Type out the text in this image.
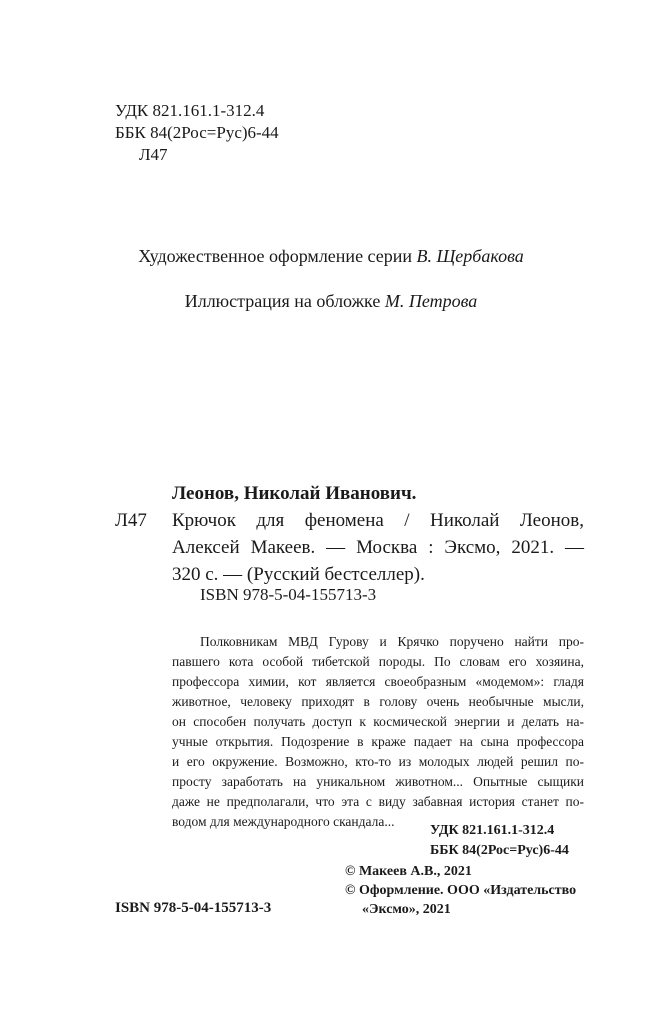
УДК 821.161.1-312.4
ББК 84(2Рос=Рус)6-44
Л47
Художественное оформление серии В. Щербакова
Иллюстрация на обложке М. Петрова
Леонов, Николай Иванович.
Л47 Крючок для феномена / Николай Леонов,
Алексей Макеев. — Москва : Эксмо, 2021. —
320 с. — (Русский бестселлер).
ISBN 978-5-04-155713-3
Полковникам МВД Гурову и Крячко поручено найти про-
павшего кота особой тибетской породы. По словам его хозяина,
профессора химии, кот является своеобразным «модемом»: гладя
животное, человеку приходят в голову очень необычные мысли,
он способен получать доступ к космической энергии и делать на-
учные открытия. Подозрение в краже падает на сына профессора
и его окружение. Возможно, кто-то из молодых людей решил по-
просту заработать на уникальном животном... Опытные сыщики
даже не предполагали, что эта с виду забавная история станет по-
водом для международного скандала...
УДК 821.161.1-312.4
ББК 84(2Рос=Рус)6-44
© Макеев А.В., 2021
© Оформление. ООО «Издательство
«Эксмо», 2021
ISBN 978-5-04-155713-3
